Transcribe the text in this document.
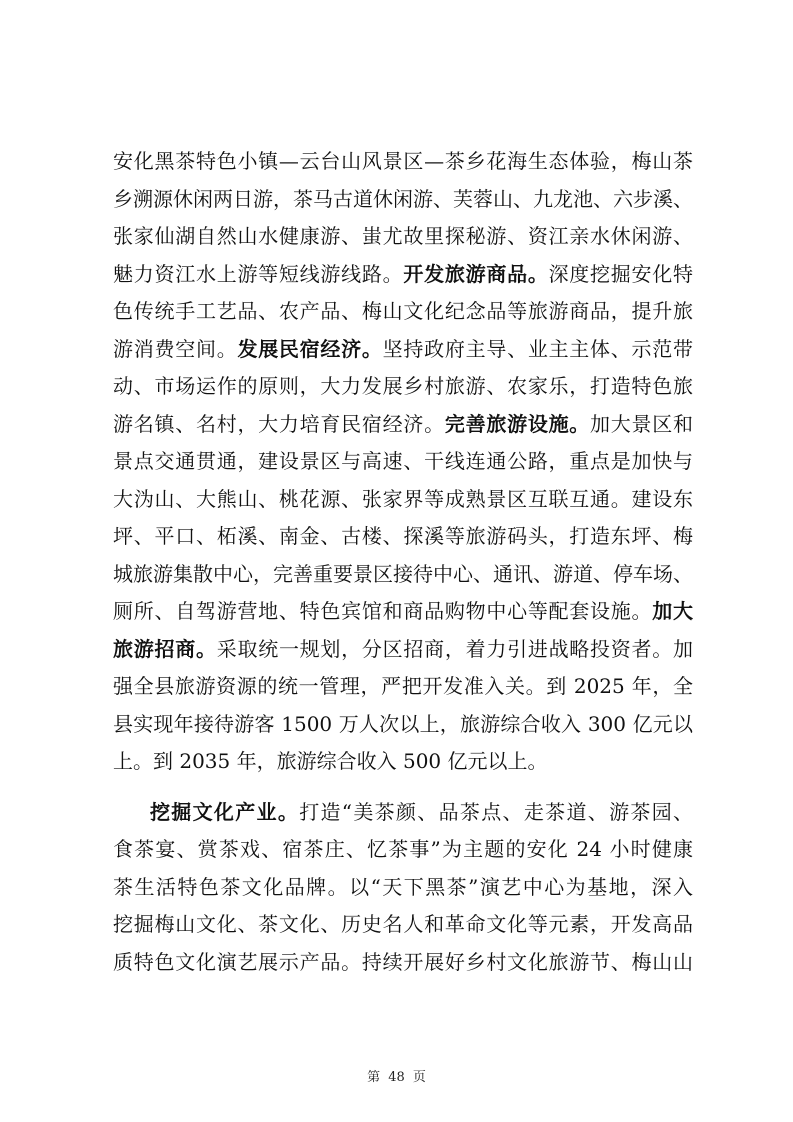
安化黑茶特色小镇—云台山风景区—茶乡花海生态体验，梅山茶
乡溯源休闲两日游，茶马古道休闲游、芙蓉山、九龙池、六步溪、
张家仙湖自然山水健康游、蚩尤故里探秘游、资江亲水休闲游、
魅力资江水上游等短线游线路。开发旅游商品。深度挖掘安化特
色传统手工艺品、农产品、梅山文化纪念品等旅游商品，提升旅
游消费空间。发展民宿经济。坚持政府主导、业主主体、示范带
动、市场运作的原则，大力发展乡村旅游、农家乐，打造特色旅
游名镇、名村，大力培育民宿经济。完善旅游设施。加大景区和
景点交通贯通，建设景区与高速、干线连通公路，重点是加快与
大沩山、大熊山、桃花源、张家界等成熟景区互联互通。建设东
坪、平口、柘溪、南金、古楼、探溪等旅游码头，打造东坪、梅
城旅游集散中心，完善重要景区接待中心、通讯、游道、停车场、
厕所、自驾游营地、特色宾馆和商品购物中心等配套设施。加大
旅游招商。采取统一规划，分区招商，着力引进战略投资者。加
强全县旅游资源的统一管理，严把开发准入关。到 2025 年，全
县实现年接待游客 1500 万人次以上，旅游综合收入 300 亿元以
上。到 2035 年，旅游综合收入 500 亿元以上。
挖掘文化产业。打造“美茶颜、品茶点、走茶道、游茶园、
食茶宴、赏茶戏、宿茶庄、忆茶事”为主题的安化 24 小时健康
茶生活特色茶文化品牌。以“天下黑茶”演艺中心为基地，深入
挖掘梅山文化、茶文化、历史名人和革命文化等元素，开发高品
质特色文化演艺展示产品。持续开展好乡村文化旅游节、梅山山
第 48 页
